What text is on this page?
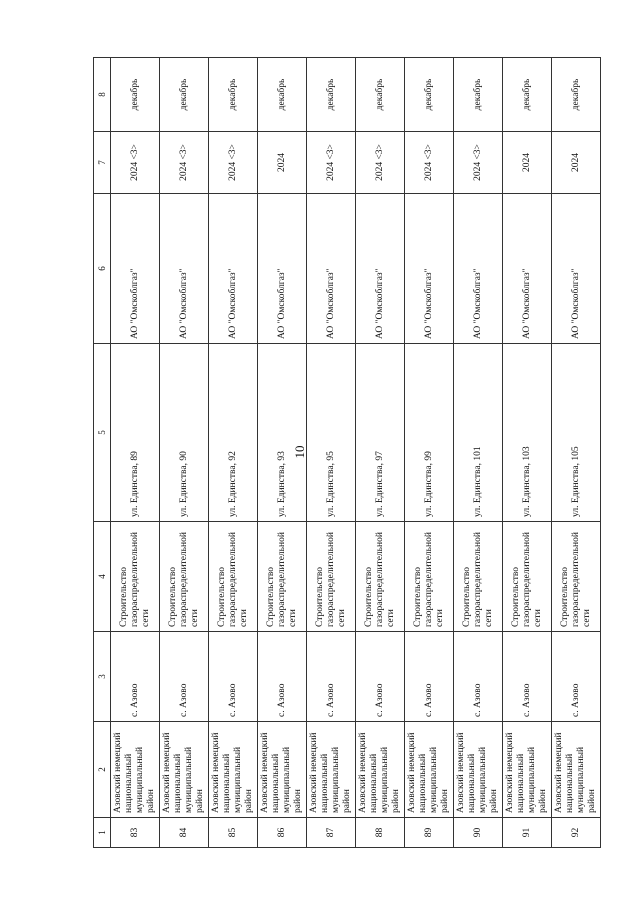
10
1	2	3	4	5	6	7	8
83	Азовский немецкий национальный муниципальный район	с. Азово	Строительство газораспределительной сети	ул. Единства, 89	АО "Омскоблгаз"	2024 <3>	декабрь
84	Азовский немецкий национальный муниципальный район	с. Азово	Строительство газораспределительной сети	ул. Единства, 90	АО "Омскоблгаз"	2024 <3>	декабрь
85	Азовский немецкий национальный муниципальный район	с. Азово	Строительство газораспределительной сети	ул. Единства, 92	АО "Омскоблгаз"	2024 <3>	декабрь
86	Азовский немецкий национальный муниципальный район	с. Азово	Строительство газораспределительной сети	ул. Единства, 93	АО "Омскоблгаз"	2024	декабрь
87	Азовский немецкий национальный муниципальный район	с. Азово	Строительство газораспределительной сети	ул. Единства, 95	АО "Омскоблгаз"	2024 <3>	декабрь
88	Азовский немецкий национальный муниципальный район	с. Азово	Строительство газораспределительной сети	ул. Единства, 97	АО "Омскоблгаз"	2024 <3>	декабрь
89	Азовский немецкий национальный муниципальный район	с. Азово	Строительство газораспределительной сети	ул. Единства, 99	АО "Омскоблгаз"	2024 <3>	декабрь
90	Азовский немецкий национальный муниципальный район	с. Азово	Строительство газораспределительной сети	ул. Единства, 101	АО "Омскоблгаз"	2024 <3>	декабрь
91	Азовский немецкий национальный муниципальный район	с. Азово	Строительство газораспределительной сети	ул. Единства, 103	АО "Омскоблгаз"	2024	декабрь
92	Азовский немецкий национальный муниципальный район	с. Азово	Строительство газораспределительной сети	ул. Единства, 105	АО "Омскоблгаз"	2024	декабрь
